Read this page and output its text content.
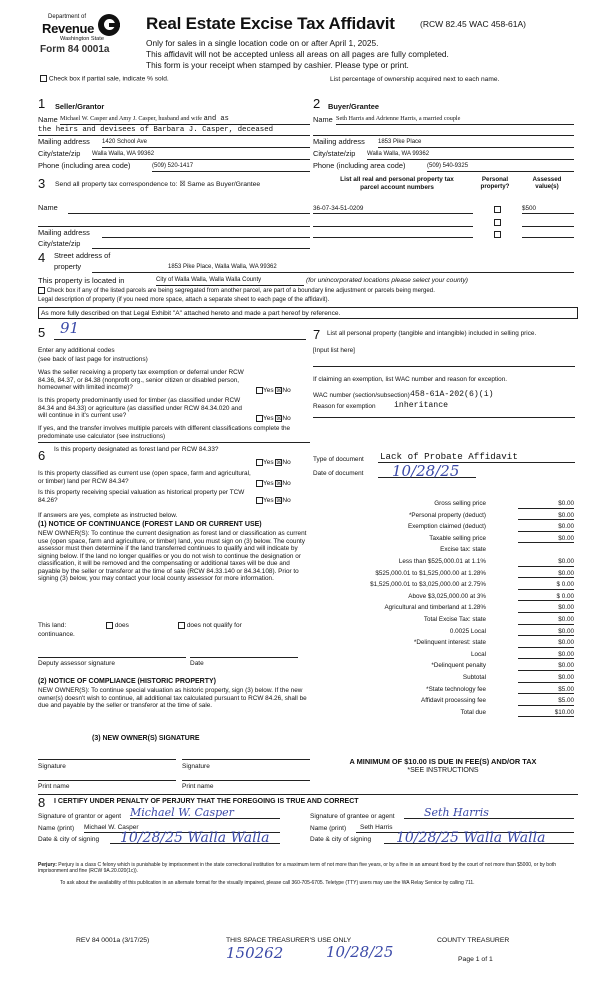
Department of
Revenue
Washington State
Form 84 0001a
Real Estate Excise Tax Affidavit	(RCW 82.45 WAC 458-61A)
Only for sales in a single location code on or after April 1, 2025.
This affidavit will not be accepted unless all areas on all pages are fully completed.
This form is your receipt when stamped by cashier. Please type or print.
Check box if partial sale, indicate % sold.	List percentage of ownership acquired next to each name.
1 Seller/Grantor
Name Michael W. Casper and Amy J. Casper, husband and wife and as
the heirs and devisees of Barbara J. Casper, deceased
Mailing address 1420 School Ave
City/state/zip Walla Walla, WA 99362
Phone (including area code)	(509) 520-1417
2 Buyer/Grantee
Name Seth Harris and Adrienne Harris, a married couple
Mailing address 1853 Pike Place
City/state/zip Walla Walla, WA 99362
Phone (including area code)	(509) 540-9325
3 Send all property tax correspondence to: ☒ Same as Buyer/Grantee
Name
Mailing address
City/state/zip
List all real and personal property tax
parcel account numbers
Personal property?
Assessed value(s)
36-07-34-51-0209	$500
4 Street address of
property	1853 Pike Place, Walla Walla, WA 99362
This property is located in	City of Walla Walla, Walla Walla County	(for unincorporated locations please select your county)
Check box if any of the listed parcels are being segregated from another parcel, are part of a boundary line adjustment or parcels being merged.
Legal description of property (if you need more space, attach a separate sheet to each page of the affidavit).
As more fully described on that Legal Exhibit "A" attached hereto and made a part hereof by reference.
5 91
Enter any additional codes
(see back of last page for instructions)
Was the seller receiving a property tax exemption or deferral under RCW 84.36, 84.37, or 84.38 (nonprofit org., senior citizen or disabled person, homeowner with limited income)?	Yes ☒No
Is this property predominantly used for timber (as classified under RCW 84.34 and 84.33) or agriculture (as classified under RCW 84.34.020 and will continue in it's current use?	Yes ☒No
If yes, and the transfer involves multiple parcels with different classifications complete the predominate use calculator (see instructions)
6 Is this property designated as forest land per RCW 84.33?
Yes ☒No
Is this property classified as current use (open space, farm and agricultural, or timber) land per RCW 84.34?	Yes ☒No
Is this property receiving special valuation as historical property per TCW 84.26?	Yes ☒No
If answers are yes, complete as instructed below.
(1) NOTICE OF CONTINUANCE (FOREST LAND OR CURRENT USE)
NEW OWNER(S): To continue the current designation as forest land or classification as current use (open space, farm and agriculture, or timber) land, you must sign on (3) below. The county assessor must then determine if the land transferred continues to qualify and will indicate by signing below. If the land no longer qualifies or you do not wish to continue the designation or classification, it will be removed and the compensating or additional taxes will be due and payable by the seller or transferor at the time of sale (RCW 84.33.140 or 84.34.108). Prior to signing (3) below, you may contact your local county assessor for more information.
This land:
continuance.
does	does not qualify for
Deputy assessor signature	Date
(2) NOTICE OF COMPLIANCE (HISTORIC PROPERTY)
NEW OWNER(S): To continue special valuation as historic property, sign (3) below. If the new owner(s) doesn't wish to continue, all additional tax calculated pursuant to RCW 84.26, shall be due and payable by the seller or transferor at the time of sale.
(3) NEW OWNER(S) SIGNATURE
Signature	Signature
Print name	Print name
7 List all personal property (tangible and intangible) included in selling price.
[Input list here]
If claiming an exemption, list WAC number and reason for exception.
WAC number (section/subsection) 458-61A-202(6)(i)
Reason for exemption inheritance
Type of document Lack of Probate Affidavit
Date of document	10/28/25
Gross selling price	$0.00
*Personal property (deduct)	$0.00
Exemption claimed (deduct)	$0.00
Taxable selling price	$0.00
Excise tax: state
Less than $525,000.01 at 1.1%	$0.00
$525,000.01 to $1,525,000.00 at 1.28%	$0.00
$1,525,000.01 to $3,025,000.00 at 2.75%	$ 0.00
Above $3,025,000.00 at 3%	$ 0.00
Agricultural and timberland at 1.28%	$0.00
Total Excise Tax: state	$0.00
0.0025 Local	$0.00
*Delinquent interest: state	$0.00
Local	$0.00
*Delinquent penalty	$0.00
Subtotal	$0.00
*State technology fee	$5.00
Affidavit processing fee	$5.00
Total due	$10.00
A MINIMUM OF $10.00 IS DUE IN FEE(S) AND/OR TAX
*SEE INSTRUCTIONS
8 I CERTIFY UNDER PENALTY OF PERJURY THAT THE FOREGOING IS TRUE AND CORRECT
Signature of grantor or agent Michael W. Casper
Name (print) Michael W. Casper
Date & city of signing	10/28/25 Walla Walla
Signature of grantee or agent	Seth Harris
Name (print)	Seth Harris
Date & city of signing	10/28/25 Walla Walla
Perjury: Perjury is a class C felony which is punishable by imprisonment in the state correctional institution for a maximum term of not more than five years, or by a fine in an amount fixed by the court of not more than $5000, or by both imprisonment and fine (RCW 9A.20.020(1c)).
To ask about the availability of this publication in an alternate format for the visually impaired, please call 360-705-6705. Teletype (TTY) users may use the WA Relay Service by calling 711.
REV 84 0001a (3/17/25)	THIS SPACE TREASURER'S USE ONLY
150262	10/28/25
COUNTY TREASURER
Page 1 of 1
